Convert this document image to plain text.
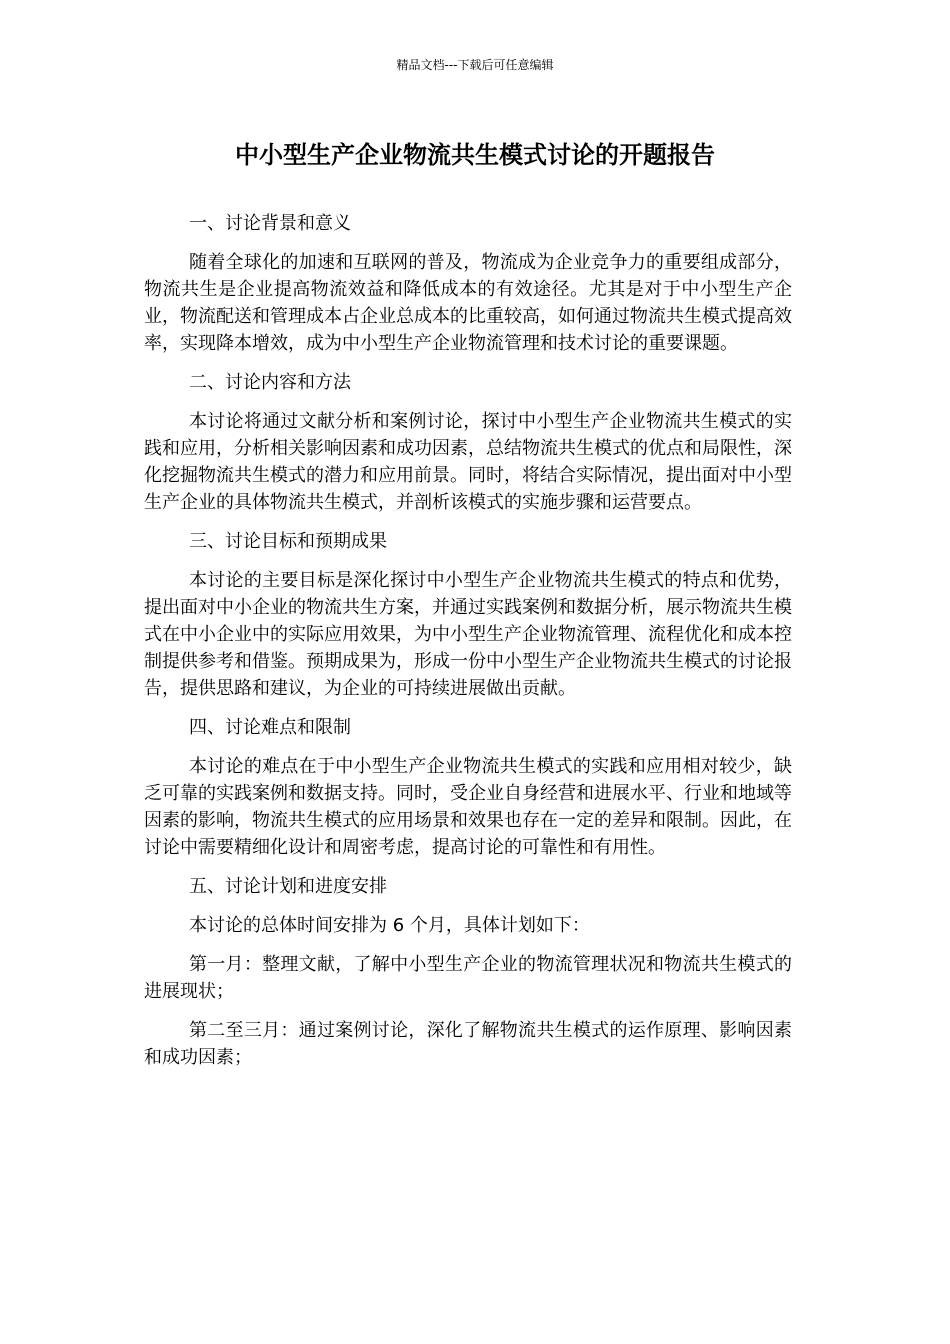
精品文档---下载后可任意编辑
中小型生产企业物流共生模式讨论的开题报告

一、讨论背景和意义

随着全球化的加速和互联网的普及，物流成为企业竞争力的重要组成部分，物流共生是企业提高物流效益和降低成本的有效途径。尤其是对于中小型生产企业，物流配送和管理成本占企业总成本的比重较高，如何通过物流共生模式提高效率，实现降本增效，成为中小型生产企业物流管理和技术讨论的重要课题。

二、讨论内容和方法

本讨论将通过文献分析和案例讨论，探讨中小型生产企业物流共生模式的实践和应用，分析相关影响因素和成功因素，总结物流共生模式的优点和局限性，深化挖掘物流共生模式的潜力和应用前景。同时，将结合实际情况，提出面对中小型生产企业的具体物流共生模式，并剖析该模式的实施步骤和运营要点。

三、讨论目标和预期成果

本讨论的主要目标是深化探讨中小型生产企业物流共生模式的特点和优势，提出面对中小企业的物流共生方案，并通过实践案例和数据分析，展示物流共生模式在中小企业中的实际应用效果，为中小型生产企业物流管理、流程优化和成本控制提供参考和借鉴。预期成果为，形成一份中小型生产企业物流共生模式的讨论报告，提供思路和建议，为企业的可持续进展做出贡献。

四、讨论难点和限制

本讨论的难点在于中小型生产企业物流共生模式的实践和应用相对较少，缺乏可靠的实践案例和数据支持。同时，受企业自身经营和进展水平、行业和地域等因素的影响，物流共生模式的应用场景和效果也存在一定的差异和限制。因此，在讨论中需要精细化设计和周密考虑，提高讨论的可靠性和有用性。

五、讨论计划和进度安排

本讨论的总体时间安排为 6 个月，具体计划如下：

第一月：整理文献，了解中小型生产企业的物流管理状况和物流共生模式的进展现状；

第二至三月：通过案例讨论，深化了解物流共生模式的运作原理、影响因素和成功因素；
